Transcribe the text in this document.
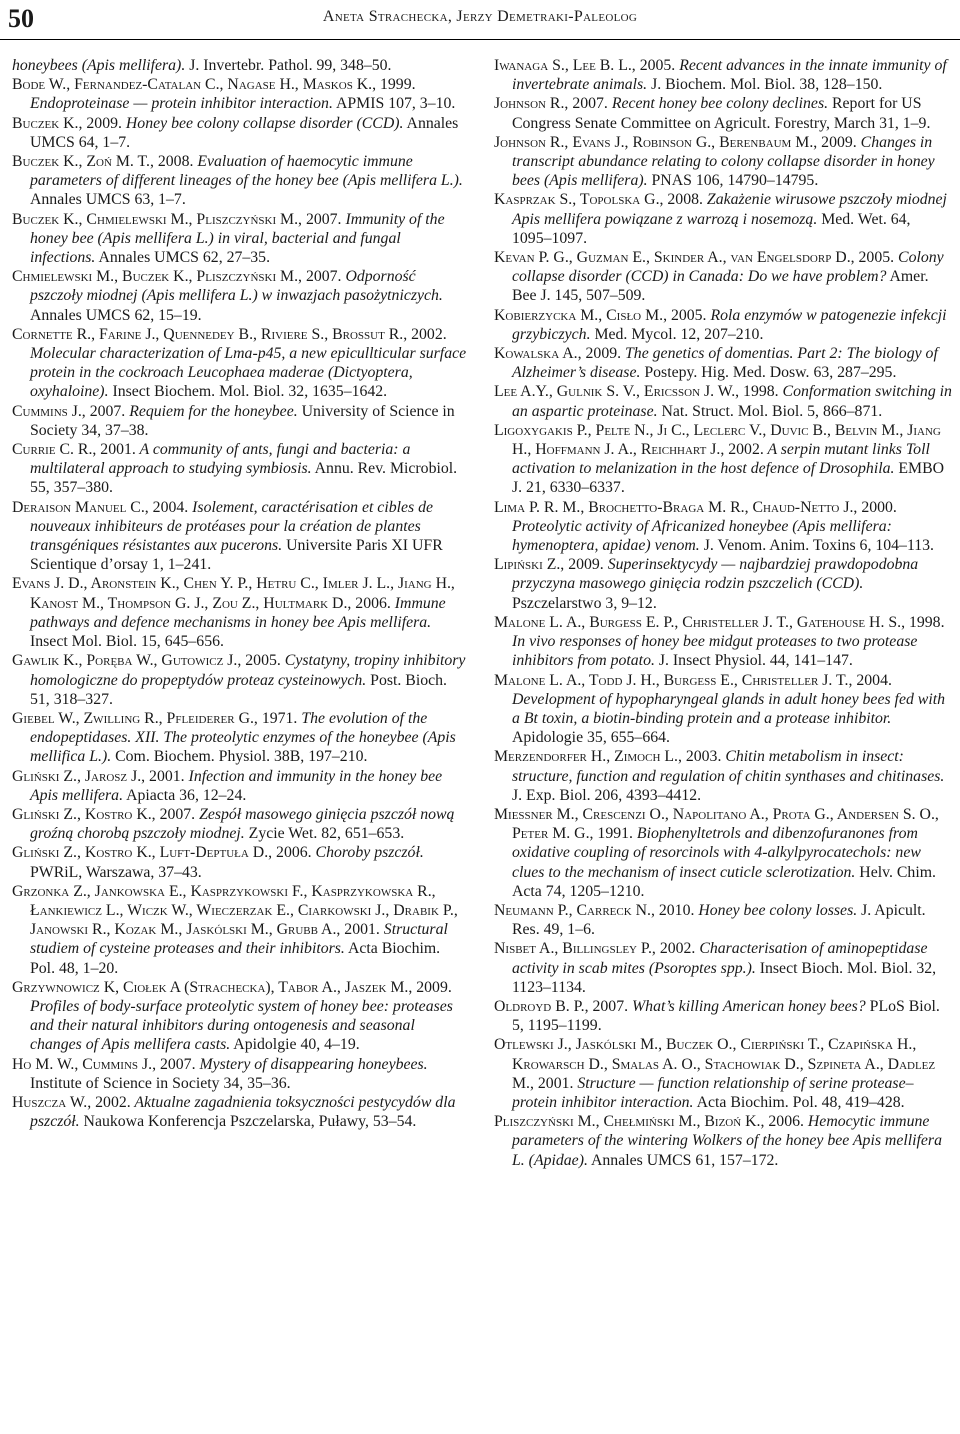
50	Aneta Strachecka, Jerzy Demetraki-Paleolog

honeybees (Apis mellifera). J. Invertebr. Pathol. 99, 348–50.

Bode W., Fernandez-Catalan C., Nagase H., Maskos K., 1999. Endoproteinase — protein inhibitor interaction. APMIS 107, 3–10.

Buczek K., 2009. Honey bee colony collapse disorder (CCD). Annales UMCS 64, 1–7.

Buczek K., Zoń M. T., 2008. Evaluation of haemocytic immune parameters of different lineages of the honey bee (Apis mellifera L.). Annales UMCS 63, 1–7.

Buczek K., Chmielewski M., Pliszczyński M., 2007. Immunity of the honey bee (Apis mellifera L.) in viral, bacterial and fungal infections. Annales UMCS 62, 27–35.

Chmielewski M., Buczek K., Pliszczyński M., 2007. Odporność pszczoły miodnej (Apis mellifera L.) w inwazjach pasożytniczych. Annales UMCS 62, 15–19.

Cornette R., Farine J., Quennedey B., Riviere S., Brossut R., 2002. Molecular characterization of Lma-p45, a new epicullticular surface protein in the cockroach Leucophaea maderae (Dictyoptera, oxyhaloine). Insect Biochem. Mol. Biol. 32, 1635–1642.

Cummins J., 2007. Requiem for the honeybee. University of Science in Society 34, 37–38.

Currie C. R., 2001. A community of ants, fungi and bacteria: a multilateral approach to studying symbiosis. Annu. Rev. Microbiol. 55, 357–380.

Deraison Manuel C., 2004. Isolement, caractérisation et cibles de nouveaux inhibiteurs de protéases pour la création de plantes transgéniques résistantes aux pucerons. Universite Paris XI UFR Scientique d’orsay 1, 1–241.

Evans J. D., Aronstein K., Chen Y. P., Hetru C., Imler J. L., Jiang H., Kanost M., Thompson G. J., Zou Z., Hultmark D., 2006. Immune pathways and defence mechanisms in honey bee Apis mellifera. Insect Mol. Biol. 15, 645–656.

Gawlik K., Poręba W., Gutowicz J., 2005. Cystatyny, tropiny inhibitory homologiczne do propeptydów proteaz cysteinowych. Post. Bioch. 51, 318–327.

Giebel W., Zwilling R., Pfleiderer G., 1971. The evolution of the endopeptidases. XII. The proteolytic enzymes of the honeybee (Apis mellifica L.). Com. Biochem. Physiol. 38B, 197–210.

Gliński Z., Jarosz J., 2001. Infection and immunity in the honey bee Apis mellifera. Apiacta 36, 12–24.

Gliński Z., Kostro K., 2007. Zespół masowego ginięcia pszczół nową groźną chorobą pszczoły miodnej. Zycie Wet. 82, 651–653.

Gliński Z., Kostro K., Luft-Deptuła D., 2006. Choroby pszczół. PWRiL, Warszawa, 37–43.

Grzonka Z., Jankowska E., Kasprzykowski F., Kasprzykowska R., Łankiewicz L., Wiczk W., Wieczerzak E., Ciarkowski J., Drabik P., Janowski R., Kozak M., Jaskólski M., Grubb A., 2001. Structural studiem of cysteine proteases and their inhibitors. Acta Biochim. Pol. 48, 1–20.

Grzywnowicz K, Ciołek A (Strachecka), Tabor A., Jaszek M., 2009. Profiles of body-surface proteolytic system of honey bee: proteases and their natural inhibitors during ontogenesis and seasonal changes of Apis mellifera casts. Apidolgie 40, 4–19.

Ho M. W., Cummins J., 2007. Mystery of disappearing honeybees. Institute of Science in Society 34, 35–36.

Huszcza W., 2002. Aktualne zagadnienia toksyczności pestycydów dla pszczół. Naukowa Konferencja Pszczelarska, Puławy, 53–54.

Iwanaga S., Lee B. L., 2005. Recent advances in the innate immunity of invertebrate animals. J. Biochem. Mol. Biol. 38, 128–150.

Johnson R., 2007. Recent honey bee colony declines. Report for US Congress Senate Committee on Agricult. Forestry, March 31, 1–9.

Johnson R., Evans J., Robinson G., Berenbaum M., 2009. Changes in transcript abundance relating to colony collapse disorder in honey bees (Apis mellifera). PNAS 106, 14790–14795.

Kasprzak S., Topolska G., 2008. Zakażenie wirusowe pszczoły miodnej Apis mellifera powiązane z warrozą i nosemozą. Med. Wet. 64, 1095–1097.

Kevan P. G., Guzman E., Skinder A., van Engelsdorp D., 2005. Colony collapse disorder (CCD) in Canada: Do we have problem? Amer. Bee J. 145, 507–509.

Kobierzycka M., Cisło M., 2005. Rola enzymów w patogenezie infekcji grzybiczych. Med. Mycol. 12, 207–210.

Kowalska A., 2009. The genetics of domentias. Part 2: The biology of Alzheimer’s disease. Postepy. Hig. Med. Dosw. 63, 287–295.

Lee A.Y., Gulnik S. V., Ericsson J. W., 1998. Conformation switching in an aspartic proteinase. Nat. Struct. Mol. Biol. 5, 866–871.

Ligoxygakis P., Pelte N., Ji C., Leclerc V., Duvic B., Belvin M., Jiang H., Hoffmann J. A., Reichhart J., 2002. A serpin mutant links Toll activation to melanization in the host defence of Drosophila. EMBO J. 21, 6330–6337.

Lima P. R. M., Brochetto-Braga M. R., Chaud-Netto J., 2000. Proteolytic activity of Africanized honeybee (Apis mellifera: hymenoptera, apidae) venom. J. Venom. Anim. Toxins 6, 104–113.

Lipiński Z., 2009. Superinsektycydy — najbardziej prawdopodobna przyczyna masowego ginięcia rodzin pszczelich (CCD). Pszczelarstwo 3, 9–12.

Malone L. A., Burgess E. P., Christeller J. T., Gatehouse H. S., 1998. In vivo responses of honey bee midgut proteases to two protease inhibitors from potato. J. Insect Physiol. 44, 141–147.

Malone L. A., Todd J. H., Burgess E., Christeller J. T., 2004. Development of hypopharyngeal glands in adult honey bees fed with a Bt toxin, a biotin-binding protein and a protease inhibitor. Apidologie 35, 655–664.

Merzendorfer H., Zimoch L., 2003. Chitin metabolism in insect: structure, function and regulation of chitin synthases and chitinases. J. Exp. Biol. 206, 4393–4412.

Miessner M., Crescenzi O., Napolitano A., Prota G., Andersen S. O., Peter M. G., 1991. Biophenyltetrols and dibenzofuranones from oxidative coupling of resorcinols with 4-alkylpyrocatechols: new clues to the mechanism of insect cuticle sclerotization. Helv. Chim. Acta 74, 1205–1210.

Neumann P., Carreck N., 2010. Honey bee colony losses. J. Apicult. Res. 49, 1–6.

Nisbet A., Billingsley P., 2002. Characterisation of aminopeptidase activity in scab mites (Psoroptes spp.). Insect Bioch. Mol. Biol. 32, 1123–1134.

Oldroyd B. P., 2007. What’s killing American honey bees? PLoS Biol. 5, 1195–1199.

Otlewski J., Jaskólski M., Buczek O., Cierpiński T., Czapińska H., Krowarsch D., Smalas A. O., Stachowiak D., Szpineta A., Dadlez M., 2001. Structure — function relationship of serine protease–protein inhibitor interaction. Acta Biochim. Pol. 48, 419–428.

Pliszczyński M., Chełmiński M., Bizoń K., 2006. Hemocytic immune parameters of the wintering Wolkers of the honey bee Apis mellifera L. (Apidae). Annales UMCS 61, 157–172.
